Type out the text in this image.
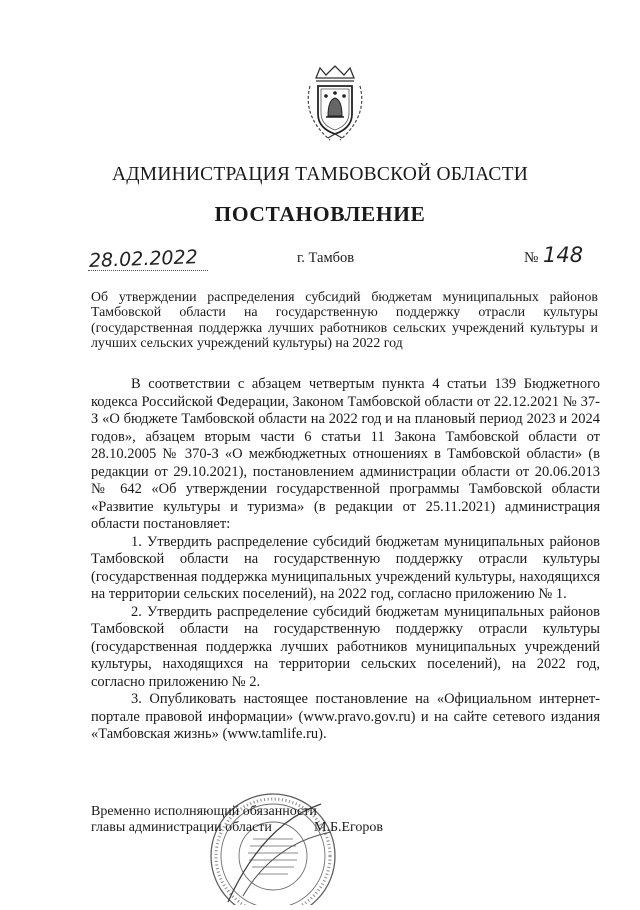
АДМИНИСТРАЦИЯ ТАМБОВСКОЙ ОБЛАСТИ
ПОСТАНОВЛЕНИЕ
28.02.2022	г. Тамбов	№ 148
Об утверждении распределения субсидий бюджетам муниципальных районов Тамбовской области на государственную поддержку отрасли культуры (государственная поддержка лучших работников сельских учреждений культуры и лучших сельских учреждений культуры) на 2022 год

В соответствии с абзацем четвертым пункта 4 статьи 139 Бюджетного кодекса Российской Федерации, Законом Тамбовской области от 22.12.2021 № 37-З «О бюджете Тамбовской области на 2022 год и на плановый период 2023 и 2024 годов», абзацем вторым части 6 статьи 11 Закона Тамбовской области от 28.10.2005 № 370-З «О межбюджетных отношениях в Тамбовской области» (в редакции от 29.10.2021), постановлением администрации области от 20.06.2013 № 642 «Об утверждении государственной программы Тамбовской области «Развитие культуры и туризма» (в редакции от 25.11.2021) администрация области постановляет:

1. Утвердить распределение субсидий бюджетам муниципальных районов Тамбовской области на государственную поддержку отрасли культуры (государственная поддержка муниципальных учреждений культуры, находящихся на территории сельских поселений), на 2022 год, согласно приложению № 1.

2. Утвердить распределение субсидий бюджетам муниципальных районов Тамбовской области на государственную поддержку отрасли культуры (государственная поддержка лучших работников муниципальных учреждений культуры, находящихся на территории сельских поселений), на 2022 год, согласно приложению № 2.

3. Опубликовать настоящее постановление на «Официальном интернет-портале правовой информации» (www.pravo.gov.ru) и на сайте сетевого издания «Тамбовская жизнь» (www.tamlife.ru).

Временно исполняющий обязанности
главы администрации области	М.Б.Егоров
